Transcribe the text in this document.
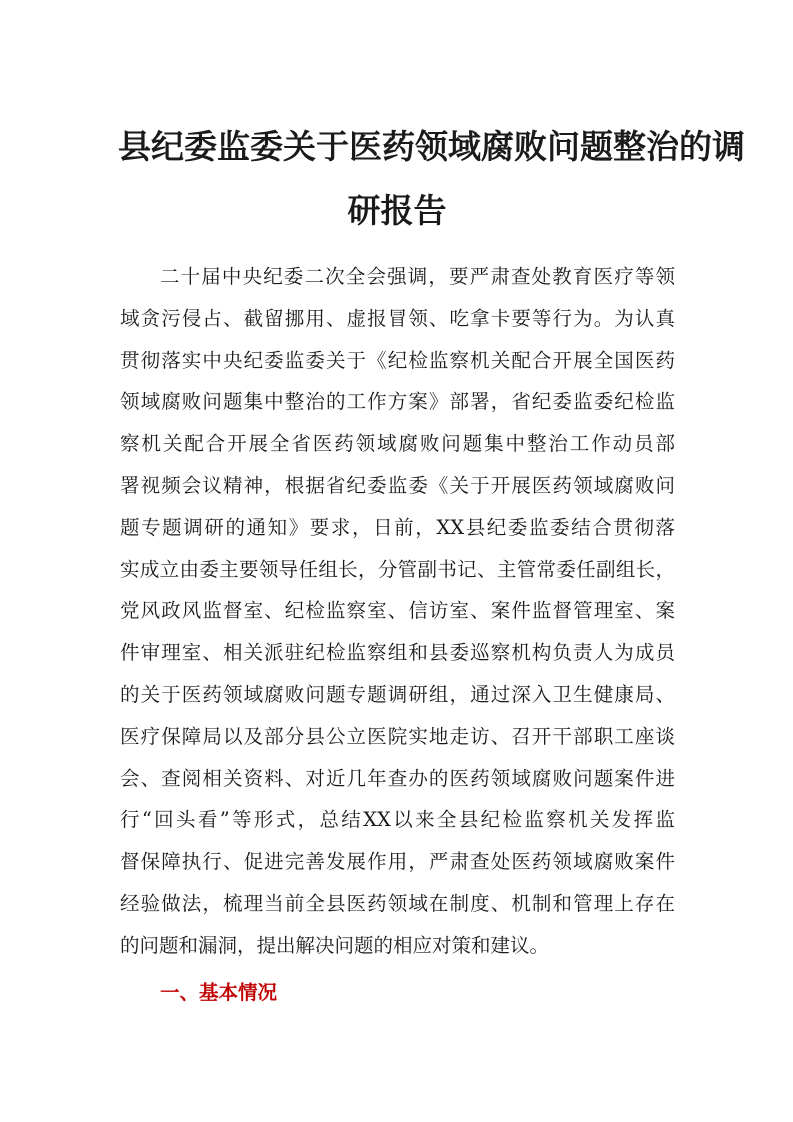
县纪委监委关于医药领域腐败问题整治的调
研报告
二十届中央纪委二次全会强调，要严肃查处教育医疗等领
域贪污侵占、截留挪用、虚报冒领、吃拿卡要等行为。为认真
贯彻落实中央纪委监委关于《纪检监察机关配合开展全国医药
领域腐败问题集中整治的工作方案》部署，省纪委监委纪检监
察机关配合开展全省医药领域腐败问题集中整治工作动员部
署视频会议精神，根据省纪委监委《关于开展医药领域腐败问
题专题调研的通知》要求，日前，XX县纪委监委结合贯彻落
实成立由委主要领导任组长，分管副书记、主管常委任副组长，
党风政风监督室、纪检监察室、信访室、案件监督管理室、案
件审理室、相关派驻纪检监察组和县委巡察机构负责人为成员
的关于医药领域腐败问题专题调研组，通过深入卫生健康局、
医疗保障局以及部分县公立医院实地走访、召开干部职工座谈
会、查阅相关资料、对近几年查办的医药领域腐败问题案件进
行“回头看”等形式，总结XX以来全县纪检监察机关发挥监
督保障执行、促进完善发展作用，严肃查处医药领域腐败案件
经验做法，梳理当前全县医药领域在制度、机制和管理上存在
的问题和漏洞，提出解决问题的相应对策和建议。
一、基本情况
